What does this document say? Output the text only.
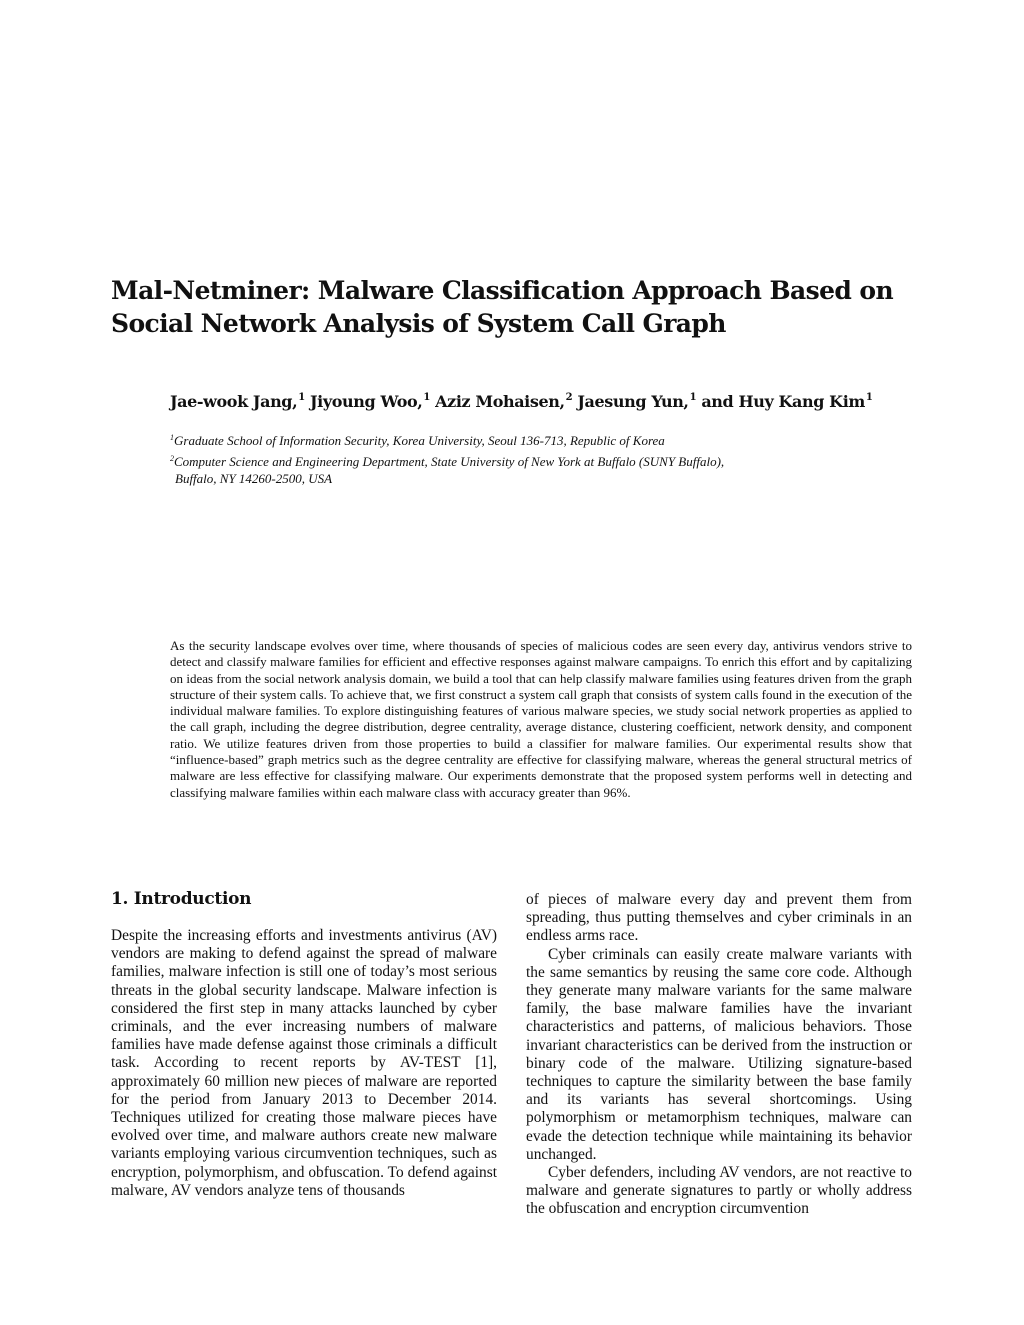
Mal-Netminer: Malware Classification Approach Based on
Social Network Analysis of System Call Graph
Jae-wook Jang,$^1$ Jiyoung Woo,$^1$ Aziz Mohaisen,$^2$ Jaesung Yun,$^1$ and Huy Kang Kim$^1$
$^1$Graduate School of Information Security, Korea University, Seoul 136-713, Republic of Korea
$^2$Computer Science and Engineering Department, State University of New York at Buffalo (SUNY Buffalo),
Buffalo, NY 14260-2500, USA

As the security landscape evolves over time, where thousands of species of malicious codes are seen every day, antivirus vendors strive to detect and classify malware families for efficient and effective responses against malware campaigns. To enrich this effort and by capitalizing on ideas from the social network analysis domain, we build a tool that can help classify malware families using features driven from the graph structure of their system calls. To achieve that, we first construct a system call graph that consists of system calls found in the execution of the individual malware families. To explore distinguishing features of various malware species, we study social network properties as applied to the call graph, including the degree distribution, degree centrality, average distance, clustering coefficient, network density, and component ratio. We utilize features driven from those properties to build a classifier for malware families. Our experimental results show that “influence-based” graph metrics such as the degree centrality are effective for classifying malware, whereas the general structural metrics of malware are less effective for classifying malware. Our experiments demonstrate that the proposed system performs well in detecting and classifying malware families within each malware class with accuracy greater than 96%.

1. Introduction

Despite the increasing efforts and investments antivirus (AV) vendors are making to defend against the spread of malware families, malware infection is still one of today’s most serious threats in the global security landscape. Malware infection is considered the first step in many attacks launched by cyber criminals, and the ever increasing numbers of malware families have made defense against those criminals a difficult task. According to recent reports by AV-TEST [1], approximately 60 million new pieces of malware are reported for the period from January 2013 to December 2014. Techniques utilized for creating those malware pieces have evolved over time, and malware authors create new malware variants employing various circumvention techniques, such as encryption, polymorphism, and obfuscation. To defend against malware, AV vendors analyze tens of thousands

of pieces of malware every day and prevent them from spreading, thus putting themselves and cyber criminals in an endless arms race.

Cyber criminals can easily create malware variants with the same semantics by reusing the same core code. Although they generate many malware variants for the same malware family, the base malware families have the invariant characteristics and patterns, of malicious behaviors. Those invariant characteristics can be derived from the instruction or binary code of the malware. Utilizing signature-based techniques to capture the similarity between the base family and its variants has several shortcomings. Using polymorphism or metamorphism techniques, malware can evade the detection technique while maintaining its behavior unchanged.

Cyber defenders, including AV vendors, are not reactive to malware and generate signatures to partly or wholly address the obfuscation and encryption circumvention
